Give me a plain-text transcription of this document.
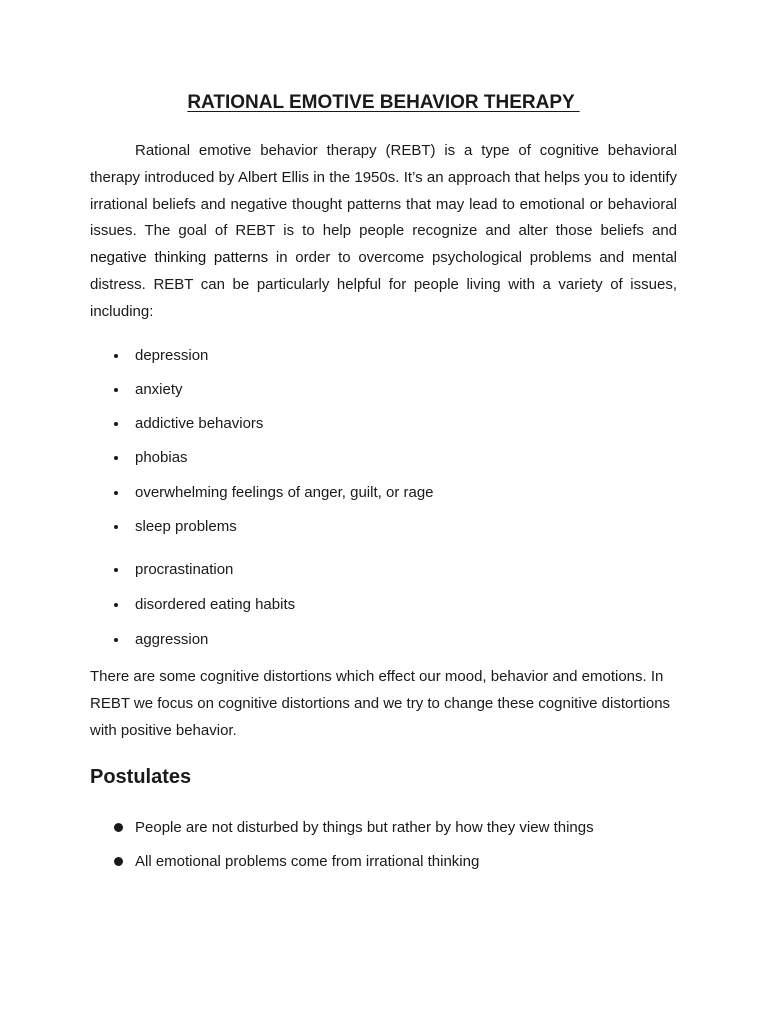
RATIONAL EMOTIVE BEHAVIOR THERAPY

Rational emotive behavior therapy (REBT) is a type of cognitive behavioral therapy introduced by Albert Ellis in the 1950s. It’s an approach that helps you to identify irrational beliefs and negative thought patterns that may lead to emotional or behavioral issues. The goal of REBT is to help people recognize and alter those beliefs and negative thinking patterns in order to overcome psychological problems and mental distress. REBT can be particularly helpful for people living with a variety of issues, including:

depression
anxiety
addictive behaviors
phobias
overwhelming feelings of anger, guilt, or rage
sleep problems
procrastination
disordered eating habits
aggression

There are some cognitive distortions which effect our mood, behavior and emotions. In REBT we focus on cognitive distortions and we try to change these cognitive distortions with positive behavior.

Postulates
People are not disturbed by things but rather by how they view things
All emotional problems come from irrational thinking
